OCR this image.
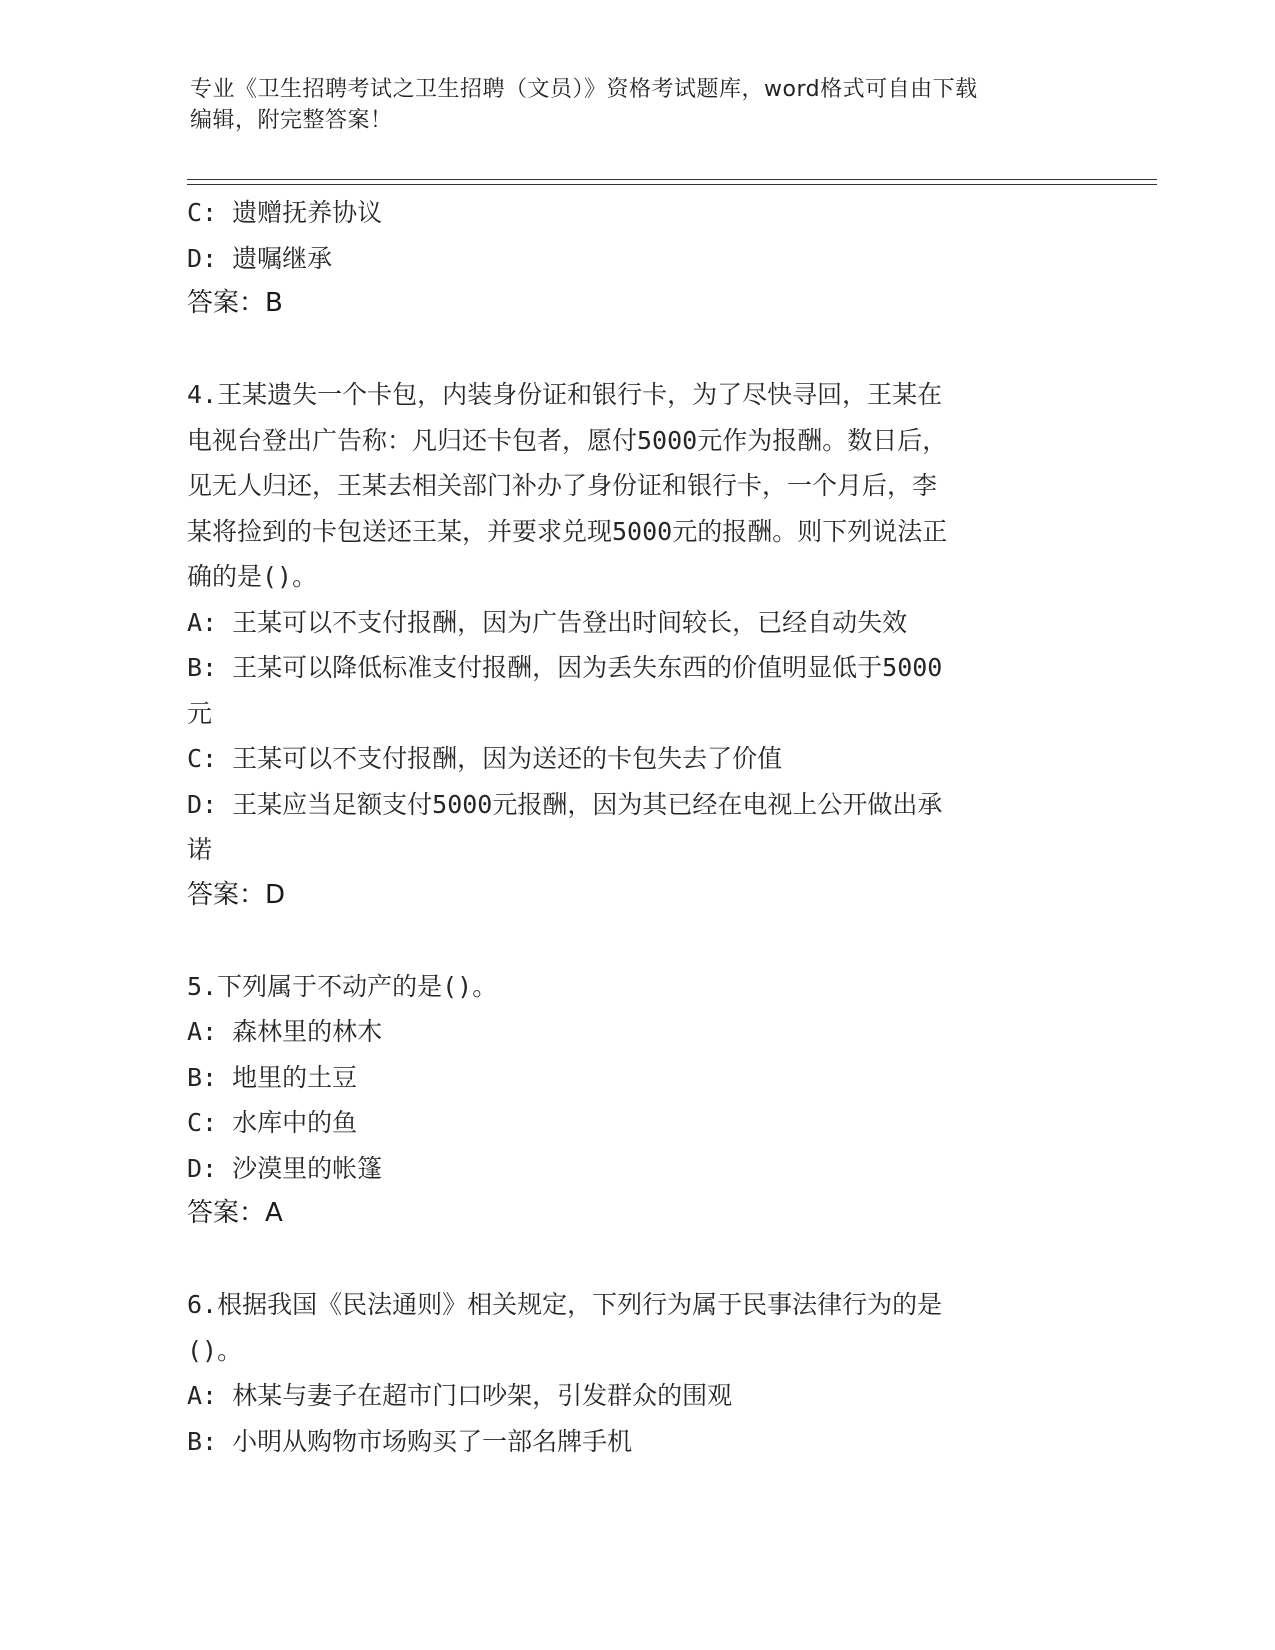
专业《卫生招聘考试之卫生招聘（文员）》资格考试题库，word格式可自由下载
编辑，附完整答案！
C: 遗赠抚养协议
D: 遗嘱继承
答案：B
4.王某遗失一个卡包，内装身份证和银行卡，为了尽快寻回，王某在
电视台登出广告称：凡归还卡包者，愿付5000元作为报酬。数日后，
见无人归还，王某去相关部门补办了身份证和银行卡，一个月后，李
某将捡到的卡包送还王某，并要求兑现5000元的报酬。则下列说法正
确的是()。
A: 王某可以不支付报酬，因为广告登出时间较长，已经自动失效
B: 王某可以降低标准支付报酬，因为丢失东西的价值明显低于5000
元
C: 王某可以不支付报酬，因为送还的卡包失去了价值
D: 王某应当足额支付5000元报酬，因为其已经在电视上公开做出承
诺
答案：D
5.下列属于不动产的是()。
A: 森林里的林木
B: 地里的土豆
C: 水库中的鱼
D: 沙漠里的帐篷
答案：A
6.根据我国《民法通则》相关规定，下列行为属于民事法律行为的是
()。
A: 林某与妻子在超市门口吵架，引发群众的围观
B: 小明从购物市场购买了一部名牌手机
